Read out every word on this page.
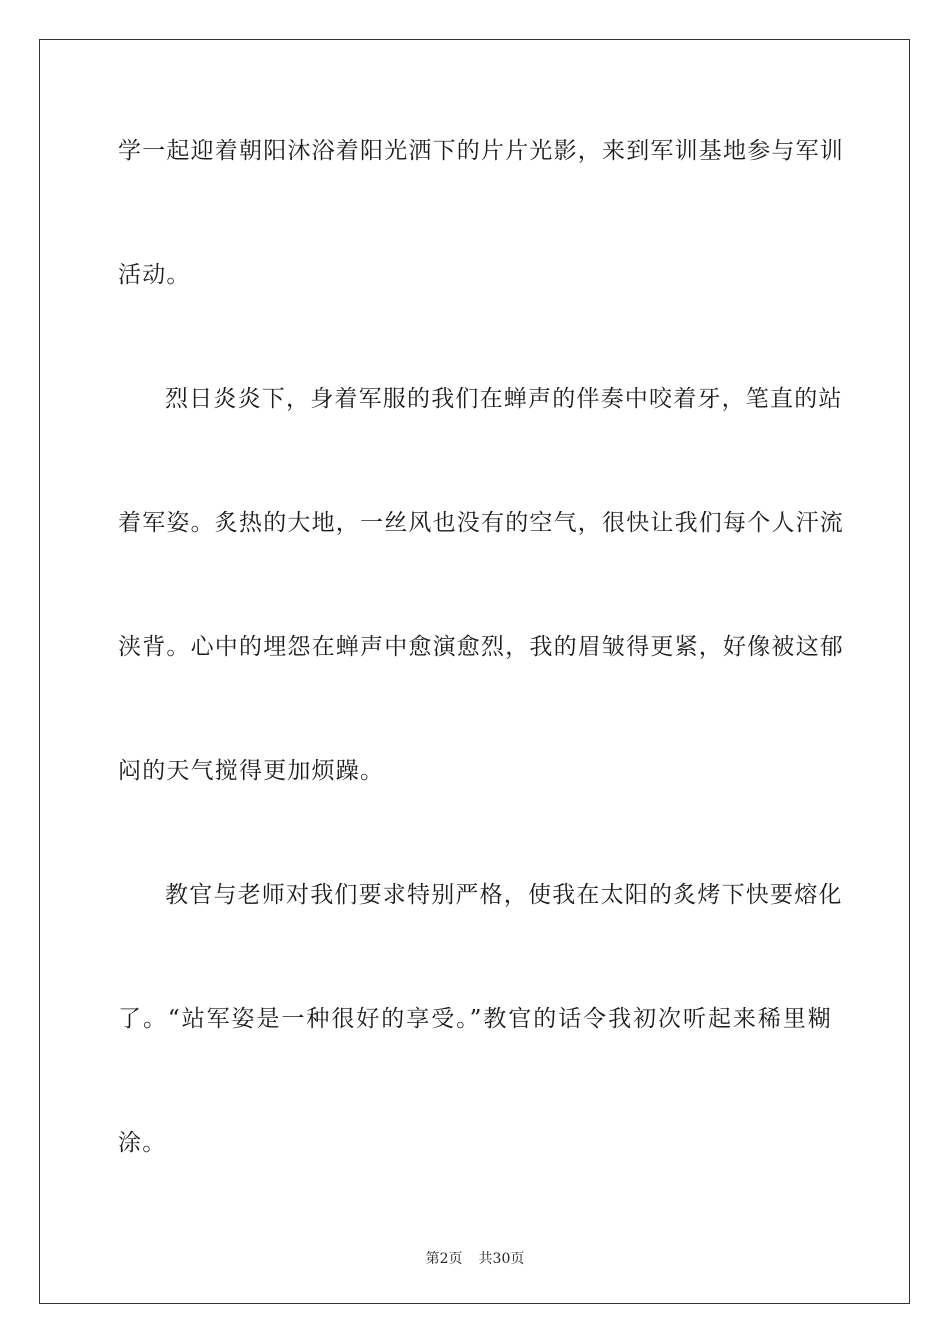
学一起迎着朝阳沐浴着阳光洒下的片片光影，来到军训基地参与军训
活动。
烈日炎炎下，身着军服的我们在蝉声的伴奏中咬着牙，笔直的站
着军姿。炙热的大地，一丝风也没有的空气，很快让我们每个人汗流
浃背。心中的埋怨在蝉声中愈演愈烈，我的眉皱得更紧，好像被这郁
闷的天气搅得更加烦躁。
教官与老师对我们要求特别严格，使我在太阳的炙烤下快要熔化
了。“站军姿是一种很好的享受。”教官的话令我初次听起来稀里糊
涂。
第2页 共30页
